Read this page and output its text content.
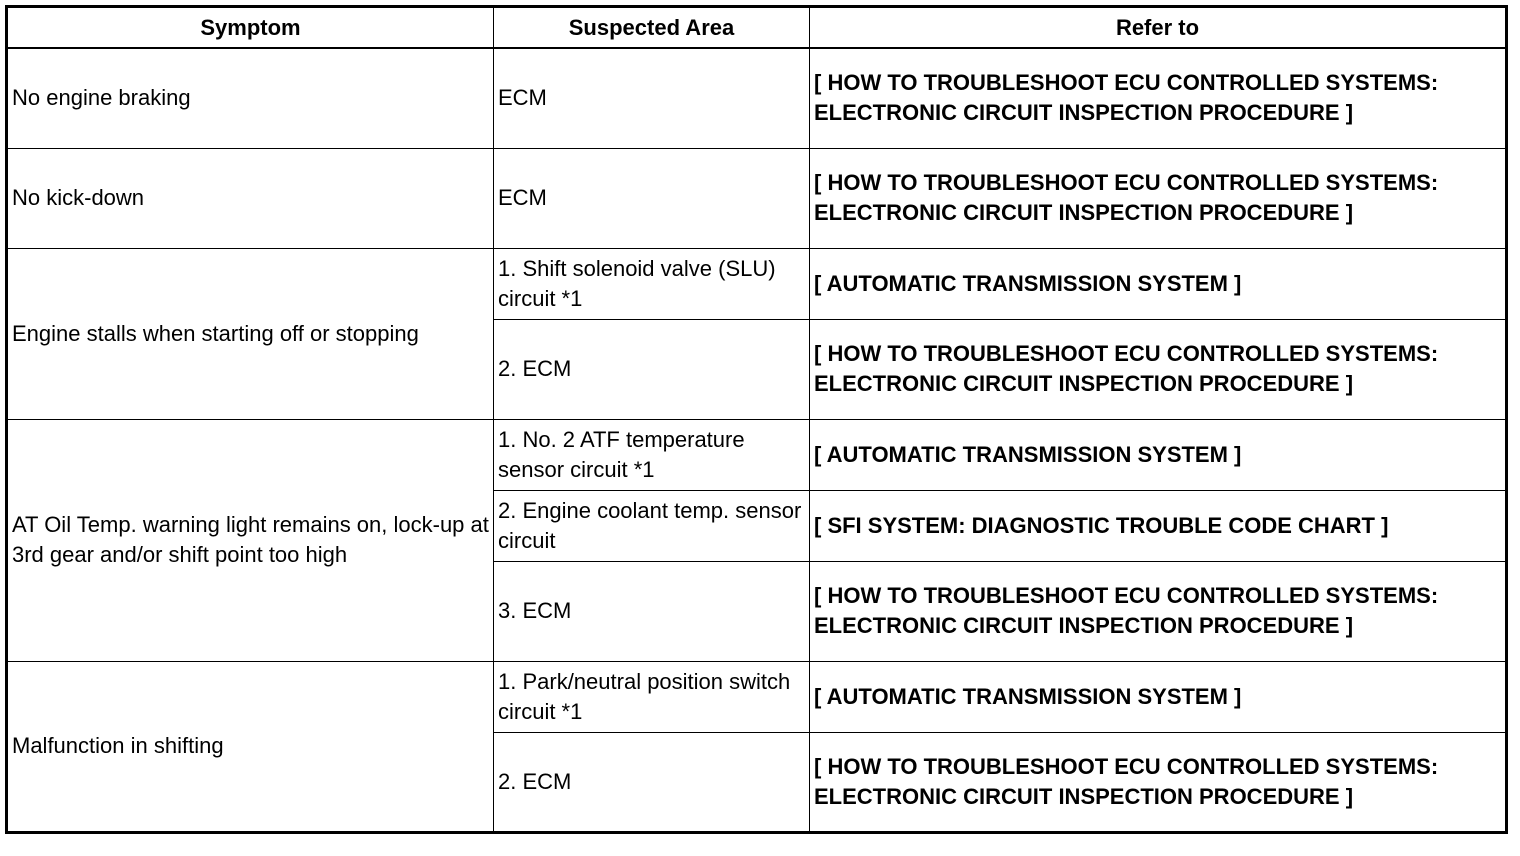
Symptom	Suspected Area	Refer to
No engine braking	ECM	[ HOW TO TROUBLESHOOT ECU CONTROLLED SYSTEMS: ELECTRONIC CIRCUIT INSPECTION PROCEDURE ]
No kick-down	ECM	[ HOW TO TROUBLESHOOT ECU CONTROLLED SYSTEMS: ELECTRONIC CIRCUIT INSPECTION PROCEDURE ]
Engine stalls when starting off or stopping	1. Shift solenoid valve (SLU) circuit *1	[ AUTOMATIC TRANSMISSION SYSTEM ]
	2. ECM	[ HOW TO TROUBLESHOOT ECU CONTROLLED SYSTEMS: ELECTRONIC CIRCUIT INSPECTION PROCEDURE ]
AT Oil Temp. warning light remains on, lock-up at 3rd gear and/or shift point too high	1. No. 2 ATF temperature sensor circuit *1	[ AUTOMATIC TRANSMISSION SYSTEM ]
	2. Engine coolant temp. sensor circuit	[ SFI SYSTEM: DIAGNOSTIC TROUBLE CODE CHART ]
	3. ECM	[ HOW TO TROUBLESHOOT ECU CONTROLLED SYSTEMS: ELECTRONIC CIRCUIT INSPECTION PROCEDURE ]
Malfunction in shifting	1. Park/neutral position switch circuit *1	[ AUTOMATIC TRANSMISSION SYSTEM ]
	2. ECM	[ HOW TO TROUBLESHOOT ECU CONTROLLED SYSTEMS: ELECTRONIC CIRCUIT INSPECTION PROCEDURE ]
